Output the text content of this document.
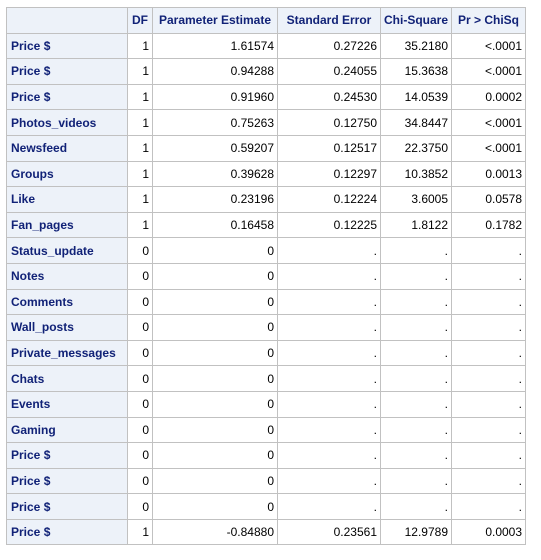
	DF	Parameter Estimate	Standard Error	Chi-Square	Pr > ChiSq
Price $	1	1.61574	0.27226	35.2180	<.0001
Price $	1	0.94288	0.24055	15.3638	<.0001
Price $	1	0.91960	0.24530	14.0539	0.0002
Photos_videos	1	0.75263	0.12750	34.8447	<.0001
Newsfeed	1	0.59207	0.12517	22.3750	<.0001
Groups	1	0.39628	0.12297	10.3852	0.0013
Like	1	0.23196	0.12224	3.6005	0.0578
Fan_pages	1	0.16458	0.12225	1.8122	0.1782
Status_update	0	0	.	.	.
Notes	0	0	.	.	.
Comments	0	0	.	.	.
Wall_posts	0	0	.	.	.
Private_messages	0	0	.	.	.
Chats	0	0	.	.	.
Events	0	0	.	.	.
Gaming	0	0	.	.	.
Price $	0	0	.	.	.
Price $	0	0	.	.	.
Price $	0	0	.	.	.
Price $	1	-0.84880	0.23561	12.9789	0.0003
